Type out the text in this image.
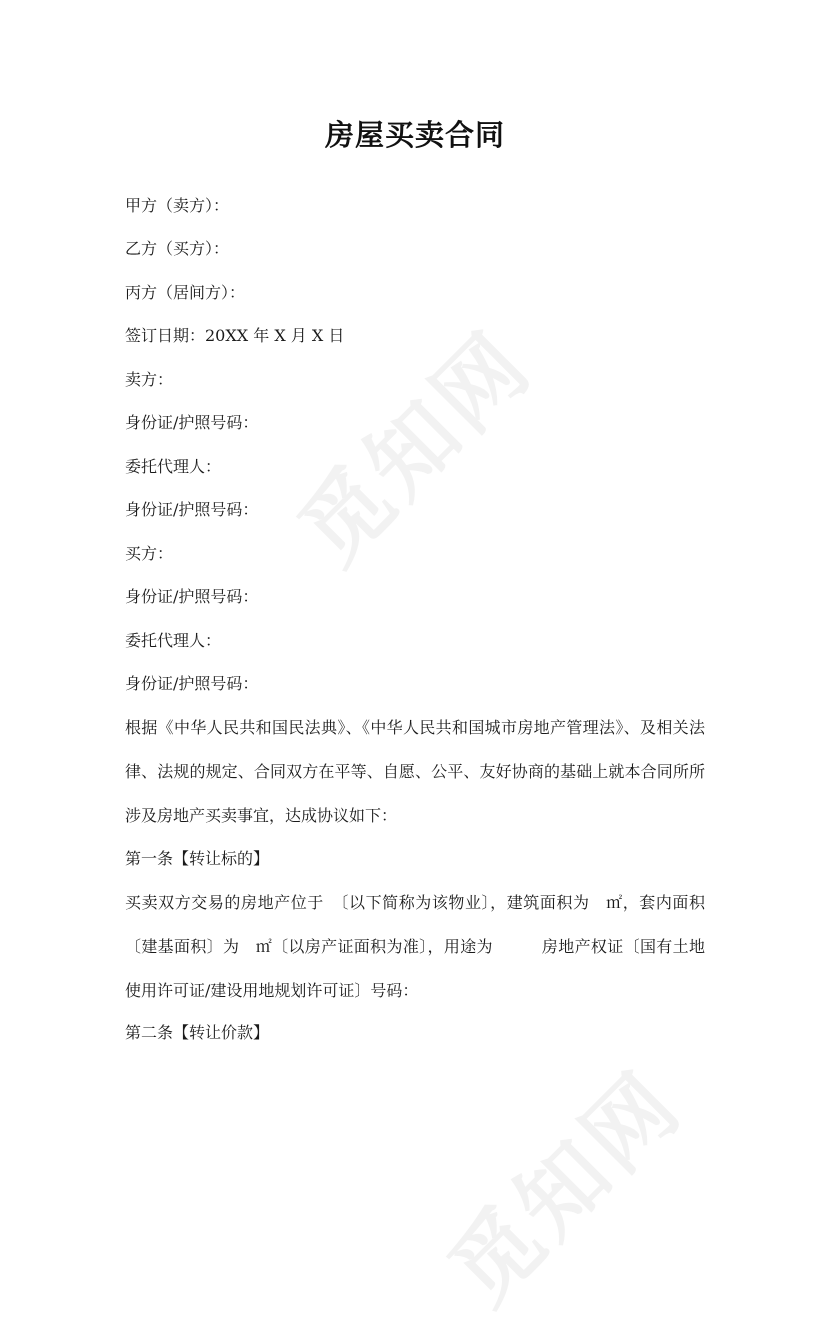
觅知网
觅知网
房屋买卖合同
甲方（卖方）：
乙方（买方）：
丙方（居间方）：
签订日期：20XX 年 X 月 X 日
卖方：
身份证/护照号码：
委托代理人：
身份证/护照号码：
买方：
身份证/护照号码：
委托代理人：
身份证/护照号码：
根据《中华人民共和国民法典》、《中华人民共和国城市房地产管理法》、及相关法律、法规的规定、合同双方在平等、自愿、公平、友好协商的基础上就本合同所所涉及房地产买卖事宜，达成协议如下：
第一条【转让标的】
买卖双方交易的房地产位于　〔以下简称为该物业〕，建筑面积为　㎡，套内面积〔建基面积〕为　㎡〔以房产证面积为准〕，用途为　　　房地产权证〔国有土地使用许可证/建设用地规划许可证〕号码：
第二条【转让价款】
